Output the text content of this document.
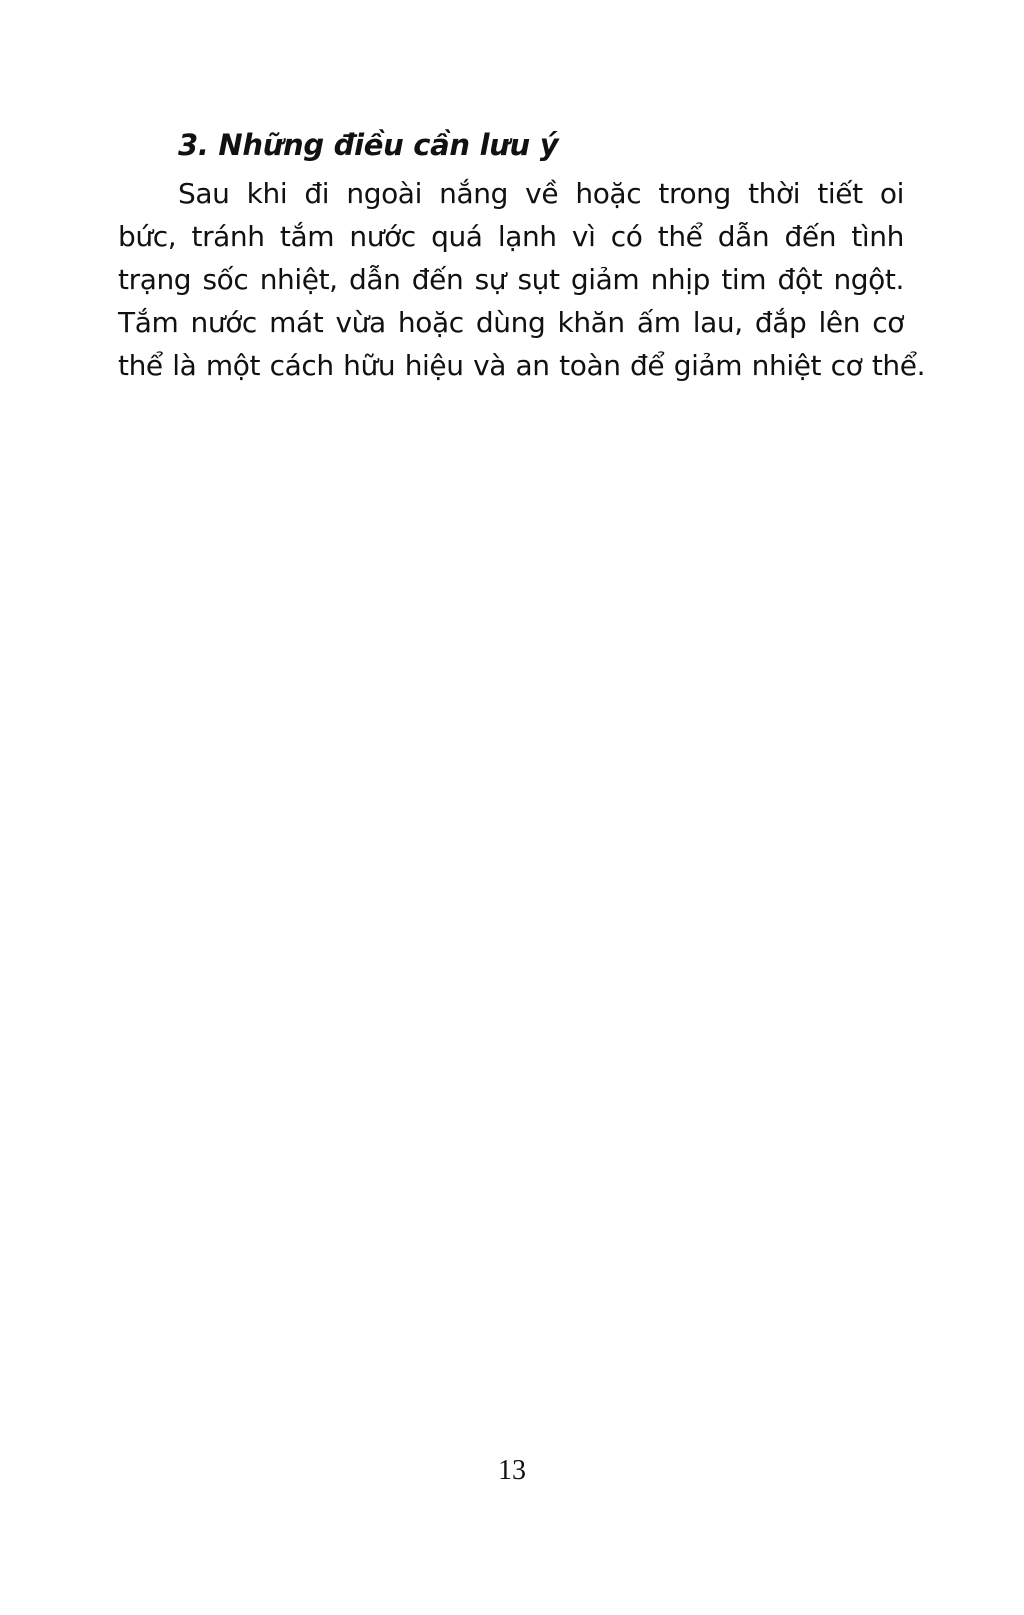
3. Những điều cần lưu ý
Sau khi đi ngoài nắng về hoặc trong thời tiết oi
bức, tránh tắm nước quá lạnh vì có thể dẫn đến tình
trạng sốc nhiệt, dẫn đến sự sụt giảm nhịp tim đột ngột.
Tắm nước mát vừa hoặc dùng khăn ấm lau, đắp lên cơ
thể là một cách hữu hiệu và an toàn để giảm nhiệt cơ thể.
13
